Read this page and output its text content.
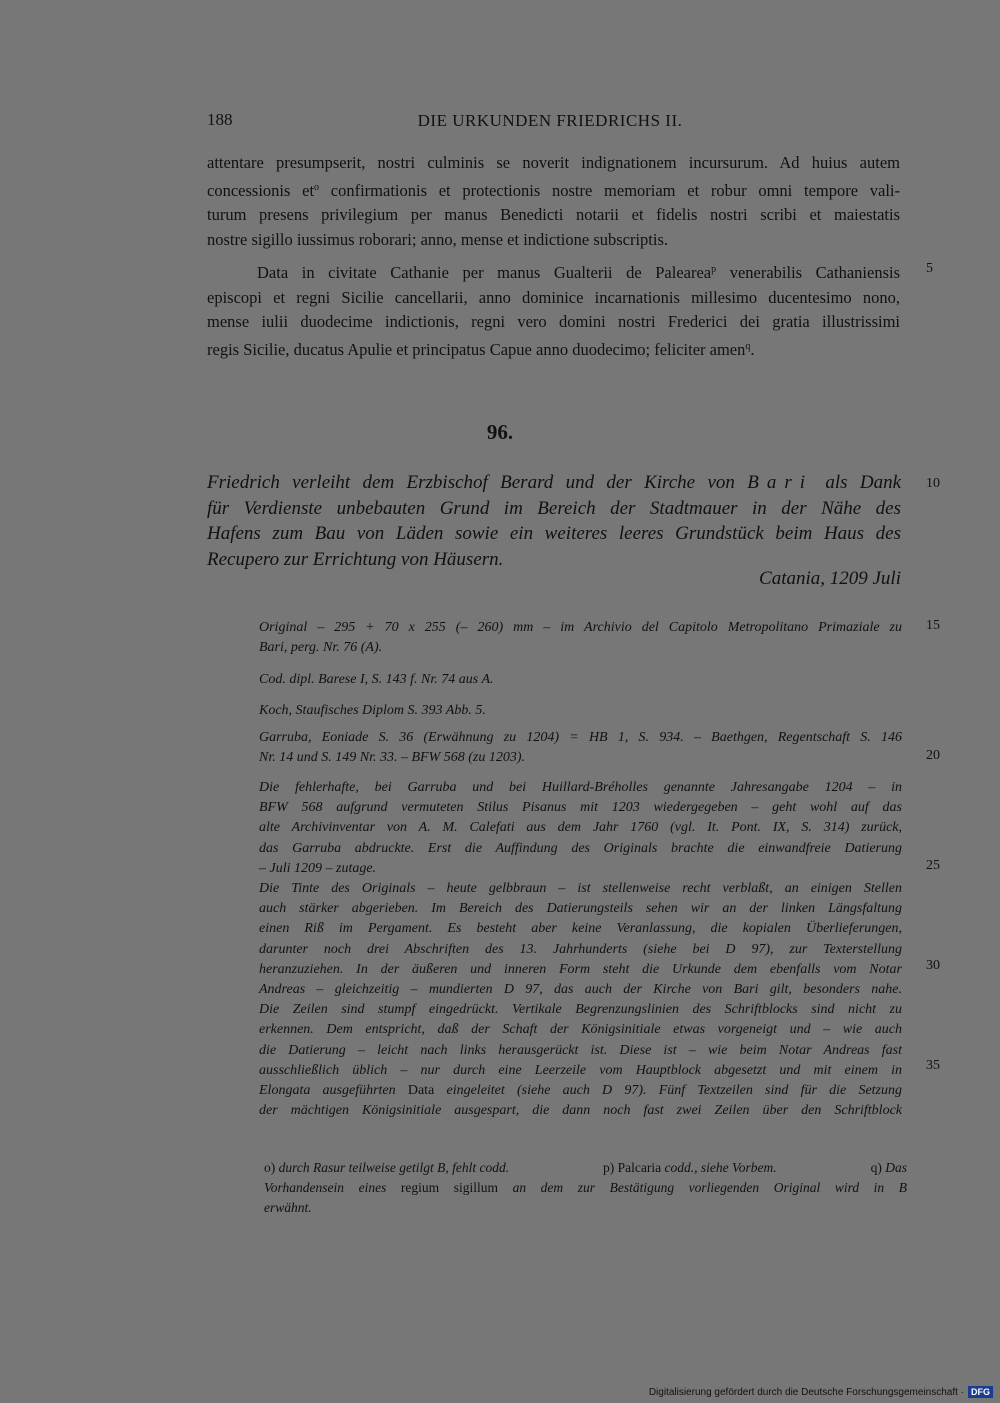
188	DIE URKUNDEN FRIEDRICHS II.
attentare presumpserit, nostri culminis se noverit indignationem incursurum. Ad huius autem
concessionis $et^o$ confirmationis et protectionis nostre memoriam et robur omni tempore vali-
turum presens privilegium per manus Benedicti notarii et fidelis nostri scribi et maiestatis
nostre sigillo iussimus roborari; anno, mense et indictione subscriptis.
Data in civitate Cathanie per manus Gualterii de Palearea$^p$ venerabilis Cathaniensis
episcopi et regni Sicilie cancellarii, anno dominice incarnationis millesimo ducentesimo nono,
mense iulii duodecime indictionis, regni vero domini nostri Frederici dei gratia illustrissimi
regis Sicilie, ducatus Apulie et principatus Capue anno duodecimo; feliciter amen$^q$.
96.
Friedrich verleiht dem Erzbischof Berard und der Kirche von Bari als Dank
für Verdienste unbebauten Grund im Bereich der Stadtmauer in der Nähe des
Hafens zum Bau von Läden sowie ein weiteres leeres Grundstück beim Haus des
Recupero zur Errichtung von Häusern.
Catania, 1209 Juli
Original – 295 + 70 x 255 (– 260) mm – im Archivio del Capitolo Metropolitano Primaziale zu
Bari, perg. Nr. 76 (A).
Cod. dipl. Barese I, S. 143 f. Nr. 74 aus A.
Koch, Staufisches Diplom S. 393 Abb. 5.
Garruba, Eoniade S. 36 (Erwähnung zu 1204) = HB 1, S. 934. – Baethgen, Regentschaft S. 146
Nr. 14 und S. 149 Nr. 33. – BFW 568 (zu 1203).
Die fehlerhafte, bei Garruba und bei Huillard-Bréholles genannte Jahresangabe 1204 – in
BFW 568 aufgrund vermuteten Stilus Pisanus mit 1203 wiedergegeben – geht wohl auf das
alte Archivinventar von A. M. Calefati aus dem Jahr 1760 (vgl. It. Pont. IX, S. 314) zurück,
das Garruba abdruckte. Erst die Auffindung des Originals brachte die einwandfreie Datierung
– Juli 1209 – zutage.
Die Tinte des Originals – heute gelbbraun – ist stellenweise recht verblaßt, an einigen Stellen
auch stärker abgerieben. Im Bereich des Datierungsteils sehen wir an der linken Längsfaltung
einen Riß im Pergament. Es besteht aber keine Veranlassung, die kopialen Überlieferungen,
darunter noch drei Abschriften des 13. Jahrhunderts (siehe bei D 97), zur Texterstellung
heranzuziehen. In der äußeren und inneren Form steht die Urkunde dem ebenfalls vom Notar
Andreas – gleichzeitig – mundierten D 97, das auch der Kirche von Bari gilt, besonders nahe.
Die Zeilen sind stumpf eingedrückt. Vertikale Begrenzungslinien des Schriftblocks sind nicht zu
erkennen. Dem entspricht, daß der Schaft der Königsinitiale etwas vorgeneigt und – wie auch
die Datierung – leicht nach links herausgerückt ist. Diese ist – wie beim Notar Andreas fast
ausschließlich üblich – nur durch eine Leerzeile vom Hauptblock abgesetzt und mit einem in
Elongata ausgeführten Data eingeleitet (siehe auch D 97). Fünf Textzeilen sind für die Setzung
der mächtigen Königsinitiale ausgespart, die dann noch fast zwei Zeilen über den Schriftblock
5
10
15
20
25
30
35
o) durch Rasur teilweise getilgt B, fehlt codd.	p) Palcaria codd., siehe Vorbem.	q) Das
Vorhandensein eines regium sigillum an dem zur Bestätigung vorliegenden Original wird in B
erwähnt.
Digitalisierung gefördert durch die Deutsche Forschungsgemeinschaft · DFG
